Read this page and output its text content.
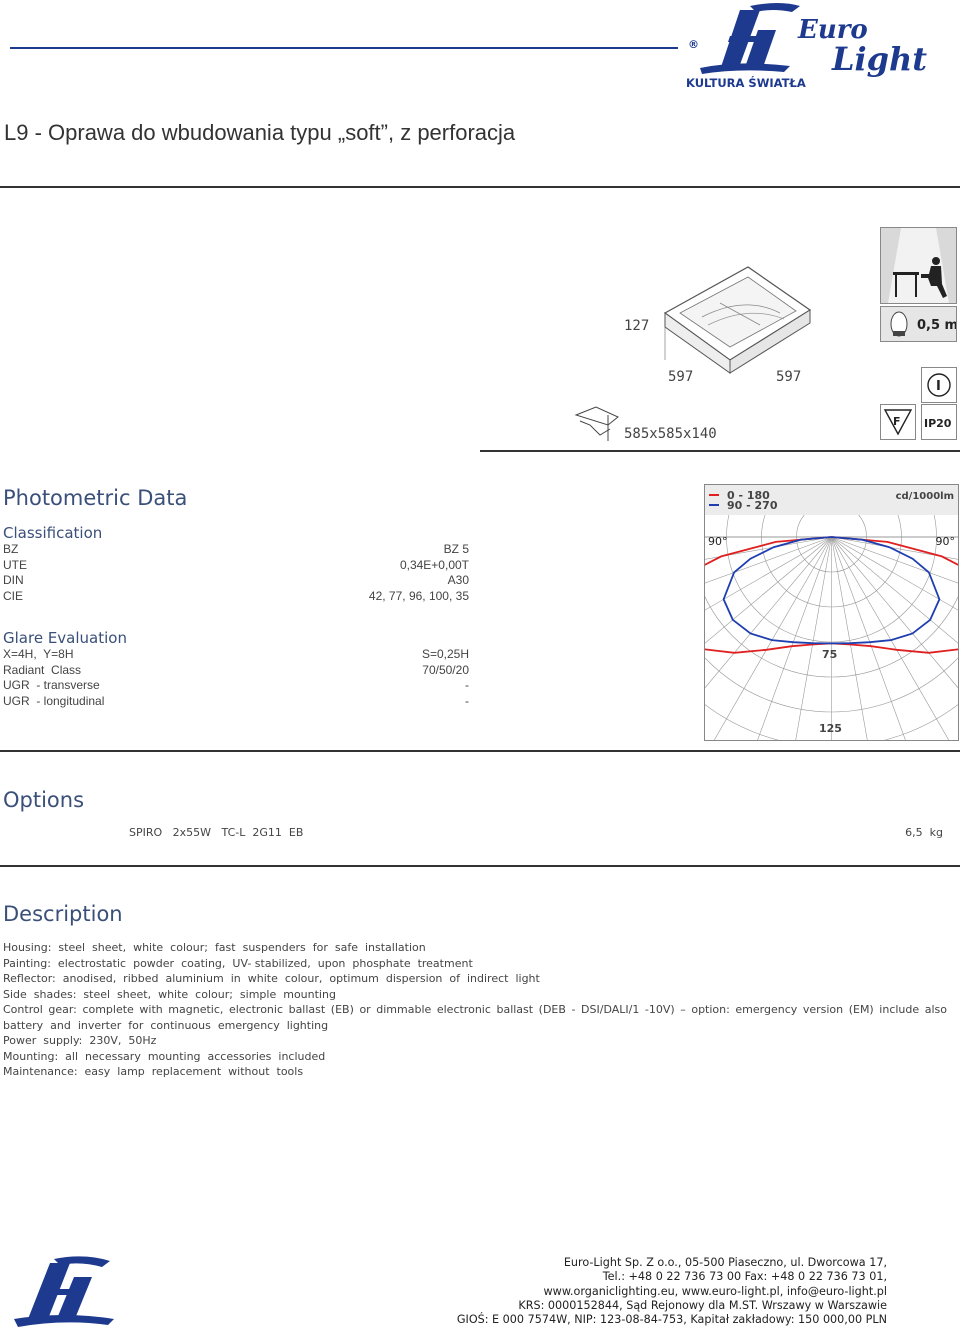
Euro
Light
®
KULTURA ŚWIATŁA
L9 - Oprawa do wbudowania typu „soft”, z perforacja
127
597	597
585x585x140
0,5 m
I
F IP20
Photometric Data
Classification
BZ	BZ 5
UTE	0,34E+0,00T
DIN	A30
CIE	42, 77, 96, 100, 35
Glare Evaluation
X=4H,  Y=8H	S=0,25H
Radiant  Class	70/50/20
UGR  - transverse	-
UGR  - longitudinal	-
0 - 180
90 - 270
cd/1000lm
90°	90°
75
125
Options
SPIRO   2x55W   TC-L  2G11  EB	6,5  kg
Description
Housing:  steel  sheet,  white  colour;  fast  suspenders  for  safe  installation
Painting:  electrostatic  powder  coating,  UV- stabilized,  upon  phosphate  treatment
Reflector:  anodised,  ribbed  aluminium  in  white  colour,  optimum  dispersion  of  indirect  light
Side  shades:  steel  sheet,  white  colour;  simple  mounting
Control gear: complete with magnetic, electronic ballast (EB) or dimmable electronic ballast (DEB - DSI/DALI/1 -10V) – option: emergency version (EM) include also
battery  and  inverter  for  continuous  emergency  lighting
Power  supply:  230V,  50Hz
Mounting:  all  necessary  mounting  accessories  included
Maintenance:  easy  lamp  replacement  without  tools
Euro-Light Sp. Z o.o., 05-500 Piaseczno, ul. Dworcowa 17,
Tel.: +48 0 22 736 73 00 Fax: +48 0 22 736 73 01,
www.organiclighting.eu, www.euro-light.pl, info@euro-light.pl
KRS: 0000152844, Sąd Rejonowy dla M.ST. Wrszawy w Warszawie
GIOŚ: E 000 7574W, NIP: 123-08-84-753, Kapitał zakładowy: 150 000,00 PLN
